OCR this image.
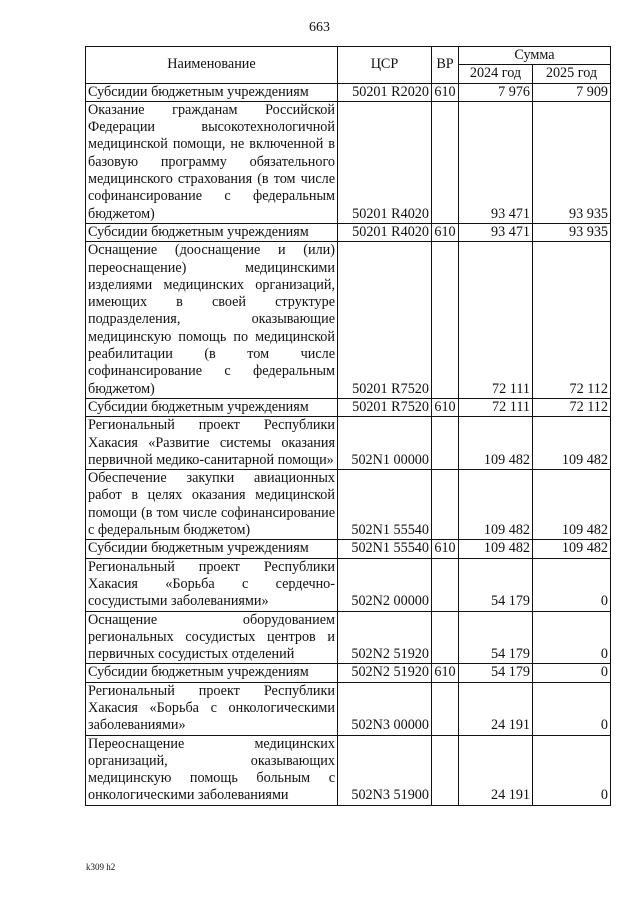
663
Наименование	ЦСР	ВР	Сумма	
			2024 год	2025 год
Субсидии бюджетным учреждениям	50201 R2020	610	7 976	7 909
Оказание гражданам Российской Федерации высокотехнологичной медицинской помощи, не включенной в базовую программу обязательного медицинского страхования (в том числе софинансирование с федеральным бюджетом)	50201 R4020		93 471	93 935
Субсидии бюджетным учреждениям	50201 R4020	610	93 471	93 935
Оснащение (дооснащение и (или) переоснащение) медицинскими изделиями медицинских организаций, имеющих в своей структуре подразделения, оказывающие медицинскую помощь по медицинской реабилитации (в том числе софинансирование с федеральным бюджетом)	50201 R7520		72 111	72 112
Субсидии бюджетным учреждениям	50201 R7520	610	72 111	72 112
Региональный проект Республики Хакасия «Развитие системы оказания первичной медико-санитарной помощи»	502N1 00000		109 482	109 482
Обеспечение закупки авиационных работ в целях оказания медицинской помощи (в том числе софинансирование с федеральным бюджетом)	502N1 55540		109 482	109 482
Субсидии бюджетным учреждениям	502N1 55540	610	109 482	109 482
Региональный проект Республики Хакасия «Борьба с сердечно-сосудистыми заболеваниями»	502N2 00000		54 179	0
Оснащение оборудованием региональных сосудистых центров и первичных сосудистых отделений	502N2 51920		54 179	0
Субсидии бюджетным учреждениям	502N2 51920	610	54 179	0
Региональный проект Республики Хакасия «Борьба с онкологическими заболеваниями»	502N3 00000		24 191	0
Переоснащение медицинских организаций, оказывающих медицинскую помощь больным с онкологическими заболеваниями	502N3 51900		24 191	0
k309 h2
